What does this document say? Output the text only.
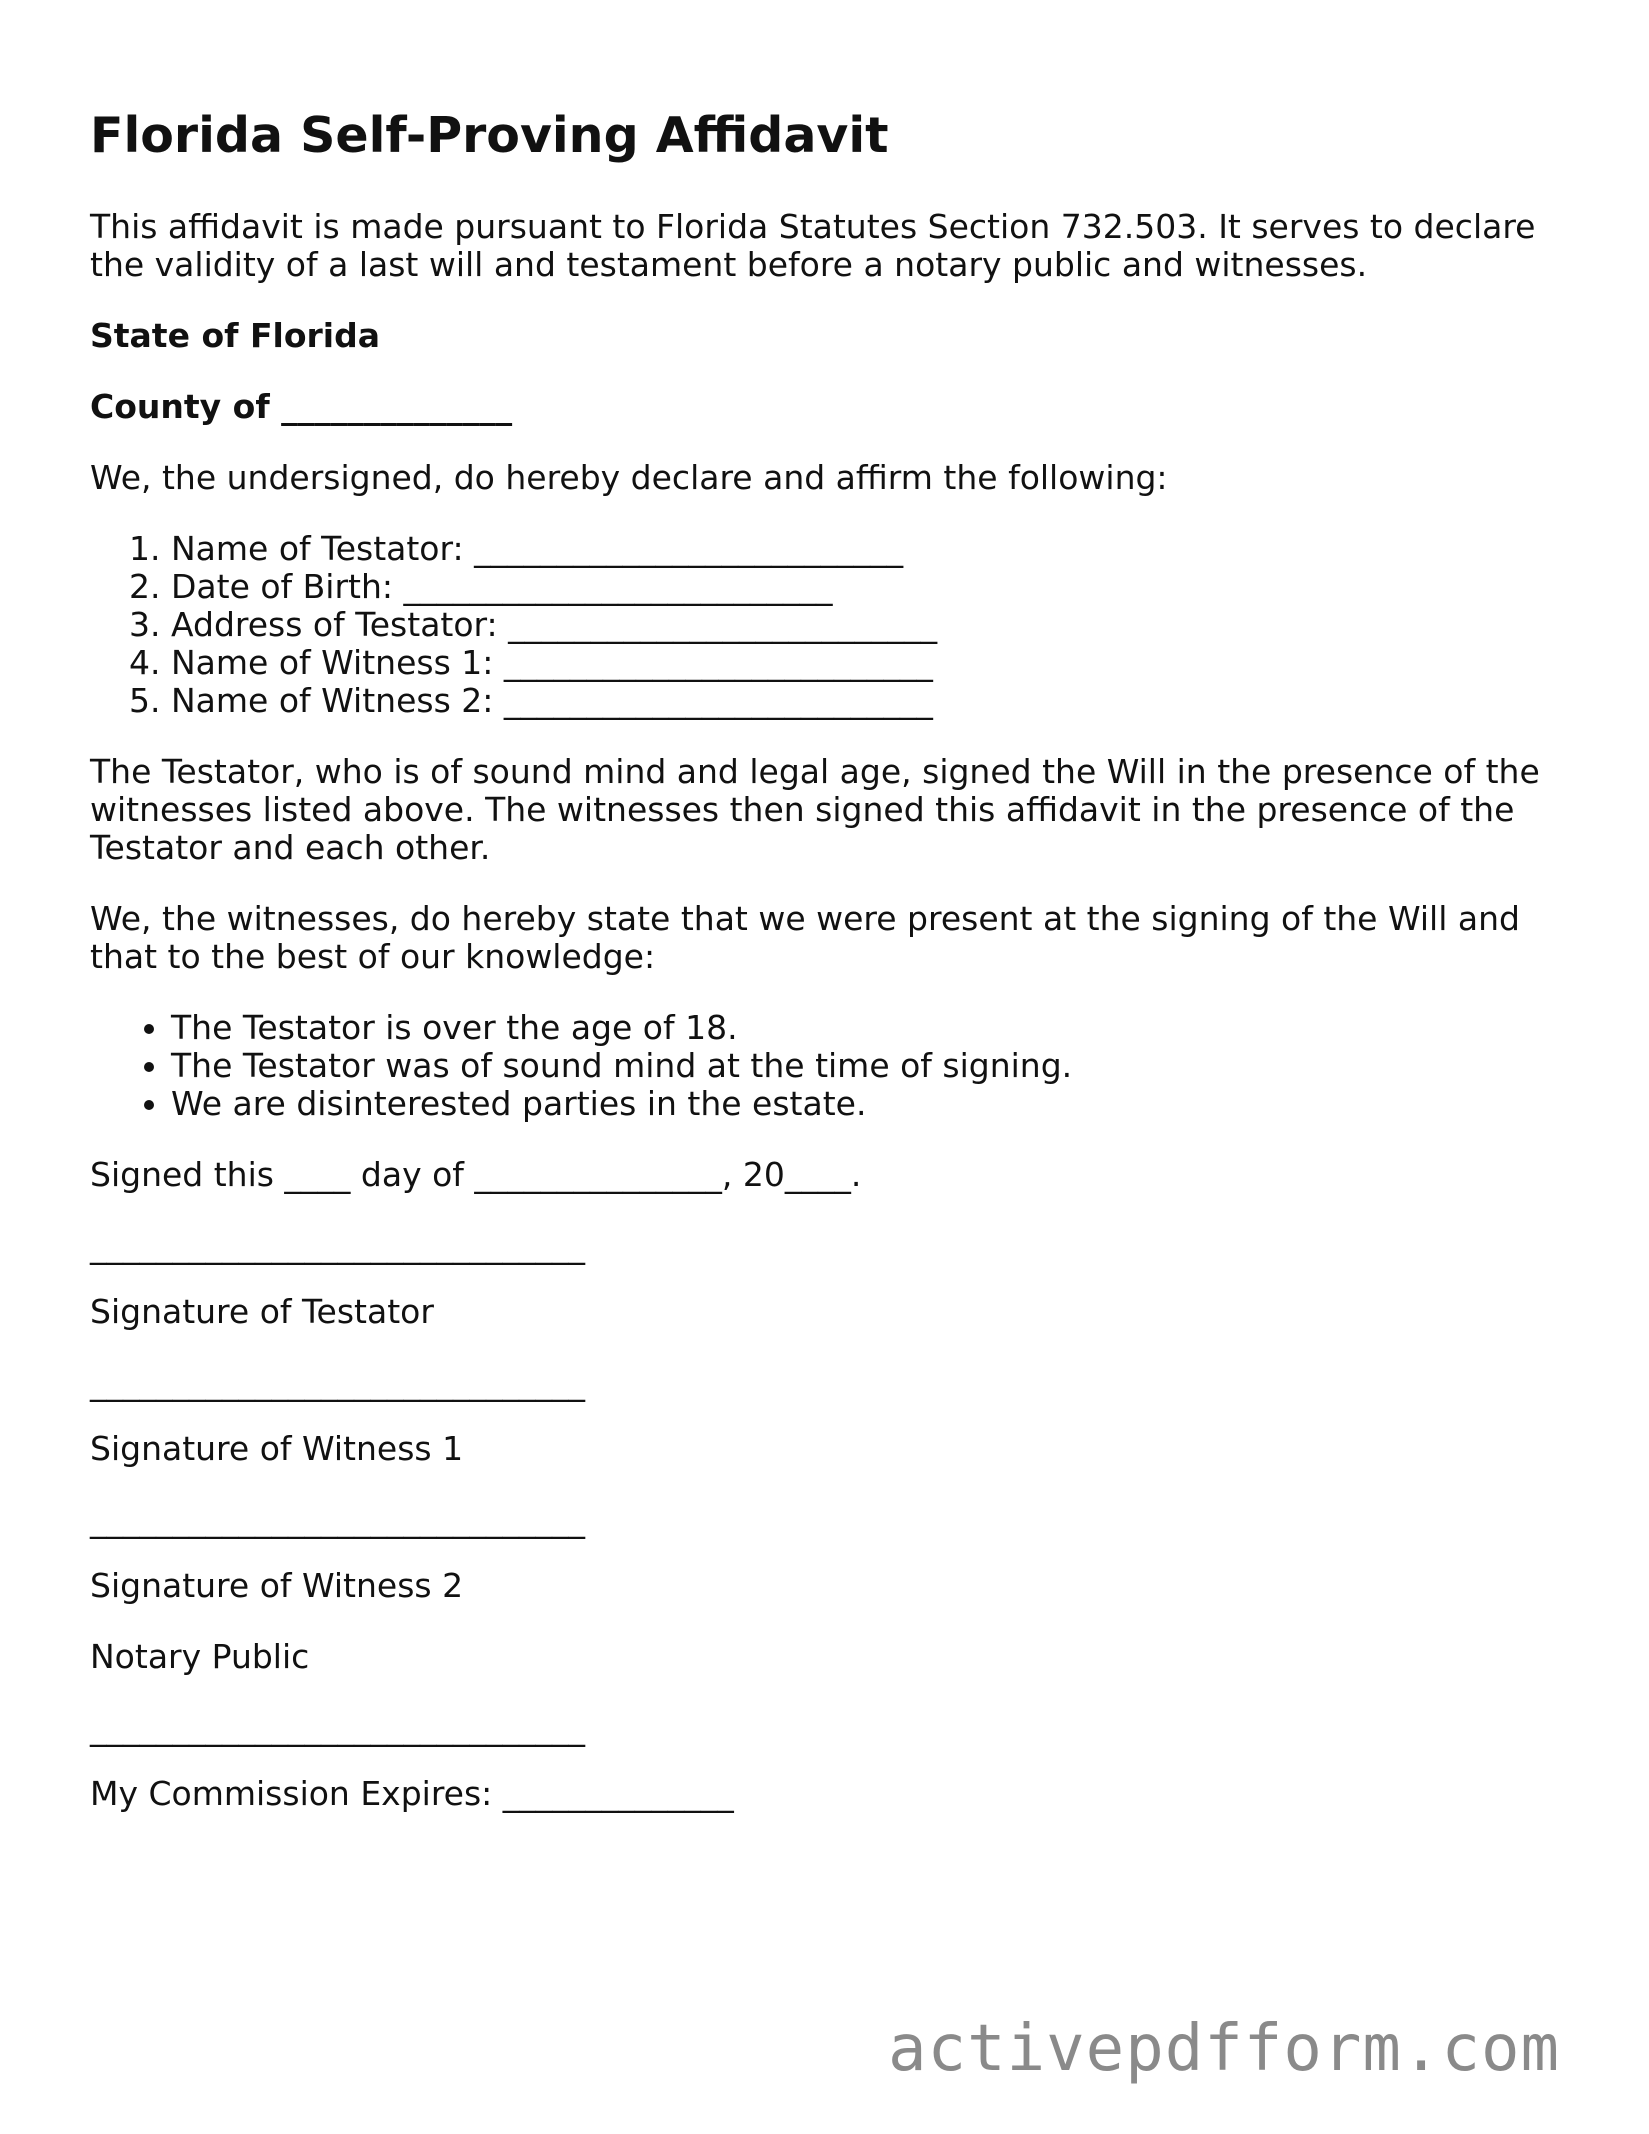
Florida Self-Proving Affidavit

This affidavit is made pursuant to Florida Statutes Section 732.503. It serves to declare the validity of a last will and testament before a notary public and witnesses.

State of Florida

County of ______________

We, the undersigned, do hereby declare and affirm the following:

1. Name of Testator: __________________________
2. Date of Birth: __________________________
3. Address of Testator: __________________________
4. Name of Witness 1: __________________________
5. Name of Witness 2: __________________________

The Testator, who is of sound mind and legal age, signed the Will in the presence of the witnesses listed above. The witnesses then signed this affidavit in the presence of the Testator and each other.

We, the witnesses, do hereby state that we were present at the signing of the Will and that to the best of our knowledge:

• The Testator is over the age of 18.
• The Testator was of sound mind at the time of signing.
• We are disinterested parties in the estate.

Signed this ____ day of _______________, 20____.

______________________________

Signature of Testator

______________________________

Signature of Witness 1

______________________________

Signature of Witness 2

Notary Public

______________________________

My Commission Expires: ______________

activepdfform.com
